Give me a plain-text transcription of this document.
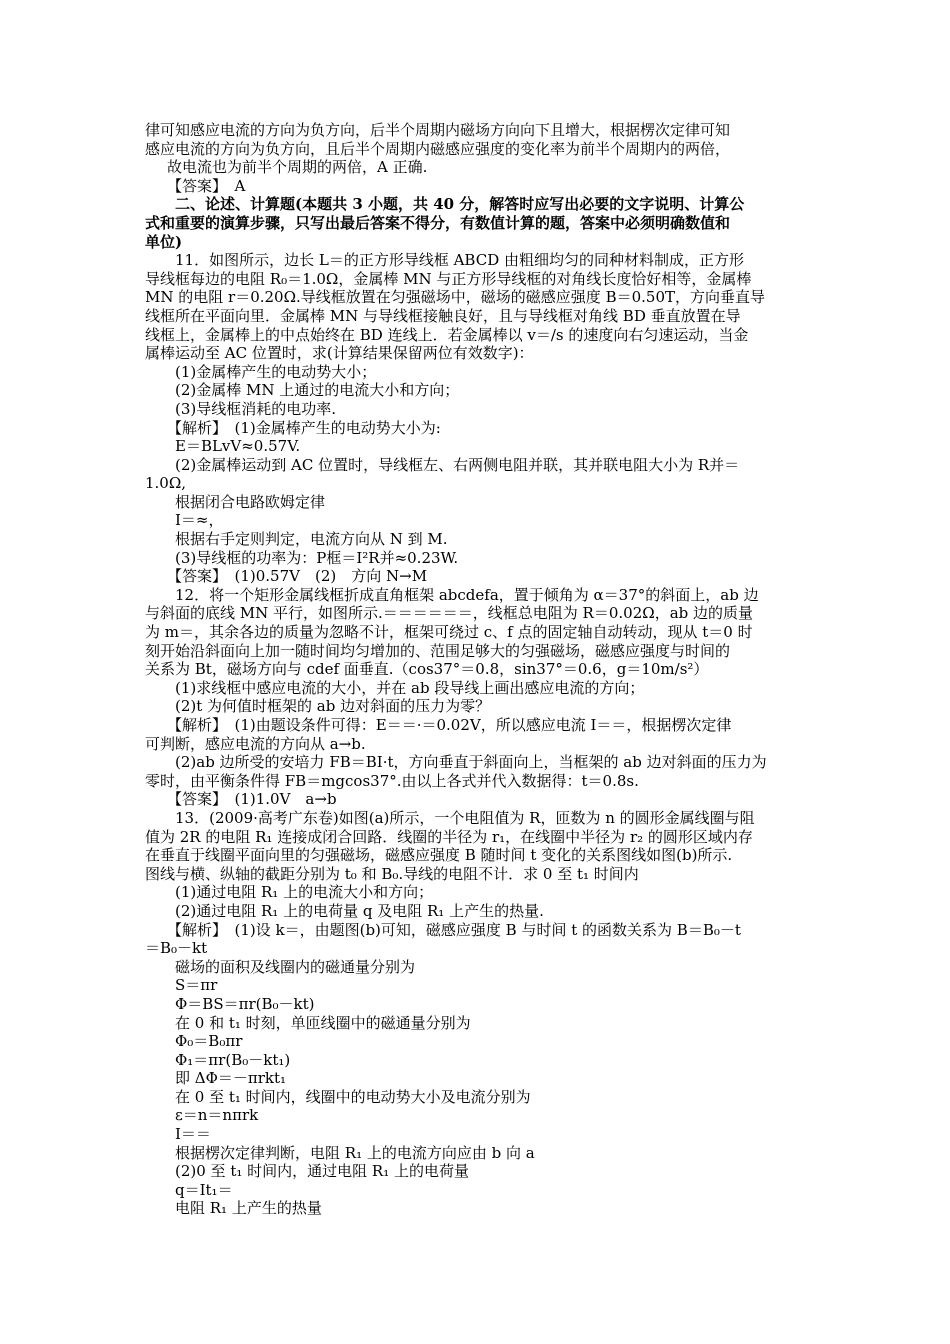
律可知感应电流的方向为负方向，后半个周期内磁场方向向下且增大，根据楞次定律可知
感应电流的方向为负方向，且后半个周期内磁感应强度的变化率为前半个周期内的两倍，
故电流也为前半个周期的两倍，A 正确.
【答案】　A
二、论述、计算题(本题共 3 小题，共 40 分，解答时应写出必要的文字说明、计算公
式和重要的演算步骤，只写出最后答案不得分，有数值计算的题，答案中必须明确数值和
单位)
11．如图所示，边长 L＝的正方形导线框 ABCD 由粗细均匀的同种材料制成，正方形
导线框每边的电阻 R₀＝1.0Ω，金属棒 MN 与正方形导线框的对角线长度恰好相等，金属棒
MN 的电阻 r＝0.20Ω.导线框放置在匀强磁场中，磁场的磁感应强度 B＝0.50T，方向垂直导
线框所在平面向里．金属棒 MN 与导线框接触良好，且与导线框对角线 BD 垂直放置在导
线框上，金属棒上的中点始终在 BD 连线上．若金属棒以 v＝/s 的速度向右匀速运动，当金
属棒运动至 AC 位置时，求(计算结果保留两位有效数字)：
(1)金属棒产生的电动势大小；
(2)金属棒 MN 上通过的电流大小和方向；
(3)导线框消耗的电功率.
【解析】　(1)金属棒产生的电动势大小为:
E＝BLvV≈0.57V.
(2)金属棒运动到 AC 位置时，导线框左、右两侧电阻并联，其并联电阻大小为 R并＝
1.0Ω,
根据闭合电路欧姆定律
I＝≈，
根据右手定则判定，电流方向从 N 到 M.
(3)导线框的功率为：P框＝I²R并≈0.23W.
【答案】　(1)0.57V　(2)　方向 N→M
12．将一个矩形金属线框折成直角框架 abcdefa，置于倾角为 α＝37°的斜面上，ab 边
与斜面的底线 MN 平行，如图所示.＝＝＝＝＝＝，线框总电阻为 R＝0.02Ω，ab 边的质量
为 m＝，其余各边的质量为忽略不计，框架可绕过 c、f 点的固定轴自动转动，现从 t＝0 时
刻开始沿斜面向上加一随时间均匀增加的、范围足够大的匀强磁场，磁感应强度与时间的
关系为 Bt，磁场方向与 cdef 面垂直.（cos37°＝0.8，sin37°＝0.6，g＝10m/s²）
(1)求线框中感应电流的大小，并在 ab 段导线上画出感应电流的方向；
(2)t 为何值时框架的 ab 边对斜面的压力为零？
【解析】　(1)由题设条件可得：E＝＝·＝0.02V，所以感应电流 I＝＝，根据楞次定律
可判断，感应电流的方向从 a→b.
(2)ab 边所受的安培力 FB＝BI·t，方向垂直于斜面向上，当框架的 ab 边对斜面的压力为
零时，由平衡条件得 FB＝mgcos37°.由以上各式并代入数据得：t＝0.8s.
【答案】　(1)1.0V　a→b
13．(2009·高考广东卷)如图(a)所示，一个电阻值为 R，匝数为 n 的圆形金属线圈与阻
值为 2R 的电阻 R₁ 连接成闭合回路．线圈的半径为 r₁，在线圈中半径为 r₂ 的圆形区域内存
在垂直于线圈平面向里的匀强磁场，磁感应强度 B 随时间 t 变化的关系图线如图(b)所示.
图线与横、纵轴的截距分别为 t₀ 和 B₀.导线的电阻不计．求 0 至 t₁ 时间内
(1)通过电阻 R₁ 上的电流大小和方向；
(2)通过电阻 R₁ 上的电荷量 q 及电阻 R₁ 上产生的热量.
【解析】　(1)设 k＝，由题图(b)可知，磁感应强度 B 与时间 t 的函数关系为 B＝B₀－t
＝B₀－kt
磁场的面积及线圈内的磁通量分别为
S＝πr
Φ＝BS＝πr(B₀－kt)
在 0 和 t₁ 时刻，单匝线圈中的磁通量分别为
Φ₀＝B₀πr
Φ₁＝πr(B₀－kt₁)
即 ΔΦ＝－πrkt₁
在 0 至 t₁ 时间内，线圈中的电动势大小及电流分别为
ε＝n＝nπrk
I＝＝
根据楞次定律判断，电阻 R₁ 上的电流方向应由 b 向 a
(2)0 至 t₁ 时间内，通过电阻 R₁ 上的电荷量
q＝It₁＝
电阻 R₁ 上产生的热量
